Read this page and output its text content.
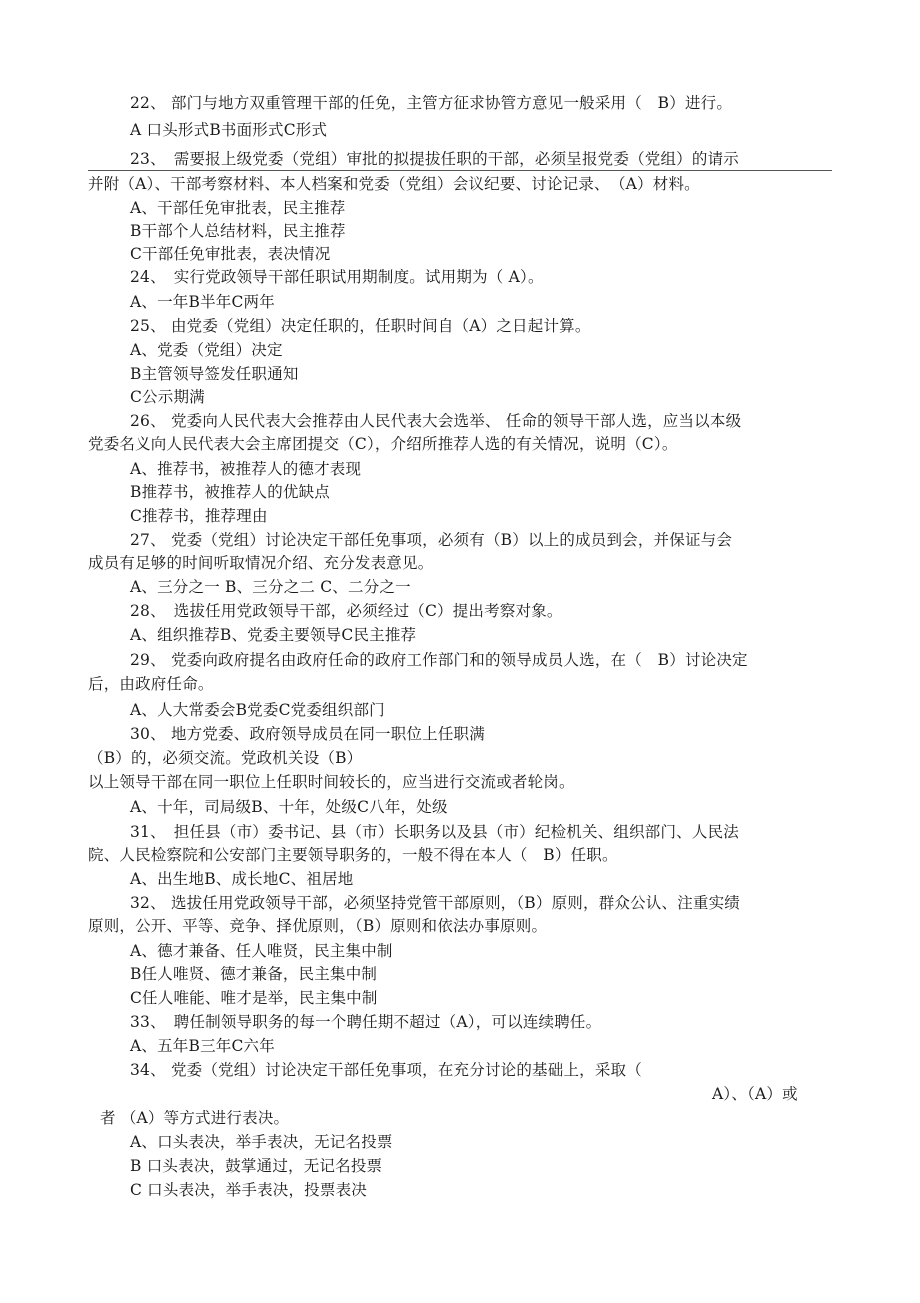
22、 部门与地方双重管理干部的任免，主管方征求协管方意见一般采用（　B）进行。
A 口头形式B书面形式C形式
23、　需要报上级党委（党组）审批的拟提拔任职的干部，必须呈报党委（党组）的请示
并附（A）、干部考察材料、本人档案和党委（党组）会议纪要、讨论记录、　（A）材料。
A、干部任免审批表，民主推荐
B干部个人总结材料，民主推荐
C干部任免审批表，表决情况
24、　实行党政领导干部任职试用期制度。试用期为（ A）。
A、一年B半年C两年
25、 由党委（党组）决定任职的，任职时间自（A）之日起计算。
A、党委（党组）决定
B主管领导签发任职通知
C公示期满
26、 党委向人民代表大会推荐由人民代表大会选举、 任命的领导干部人选，应当以本级
党委名义向人民代表大会主席团提交（C），介绍所推荐人选的有关情况，说明（C）。
A、推荐书，被推荐人的德才表现
B推荐书，被推荐人的优缺点
C推荐书，推荐理由
27、 党委（党组）讨论决定干部任免事项，必须有（B）以上的成员到会，并保证与会
成员有足够的时间听取情况介绍、充分发表意见。
A、三分之一 B、三分之二 C、二分之一
28、　选拔任用党政领导干部，必须经过（C）提出考察对象。
A、组织推荐B、党委主要领导C民主推荐
29、 党委向政府提名由政府任命的政府工作部门和的领导成员人选，在（　B）讨论决定
后，由政府任命。
A、人大常委会B党委C党委组织部门
30、 地方党委、政府领导成员在同一职位上任职满
（B）的，必须交流。党政机关设（B）
以上领导干部在同一职位上任职时间较长的，应当进行交流或者轮岗。
A、十年，司局级B、十年，处级C八年，处级
31、　担任县（市）委书记、县（市）长职务以及县（市）纪检机关、组织部门、人民法
院、人民检察院和公安部门主要领导职务的，一般不得在本人（　B）任职。
A、出生地B、成长地C、祖居地
32、 选拔任用党政领导干部，必须坚持党管干部原则，（B）原则，群众公认、注重实绩
原则，公开、平等、竞争、择优原则，（B）原则和依法办事原则。
A、德才兼备、任人唯贤，民主集中制
B任人唯贤、德才兼备，民主集中制
C任人唯能、唯才是举，民主集中制
33、　聘任制领导职务的每一个聘任期不超过（A），可以连续聘任。
A、五年B三年C六年
34、 党委（党组）讨论决定干部任免事项，在充分讨论的基础上，采取（
A）、（A）或
者 （A）等方式进行表决。
A、口头表决，举手表决，无记名投票
B 口头表决，鼓掌通过，无记名投票
C 口头表决，举手表决，投票表决
